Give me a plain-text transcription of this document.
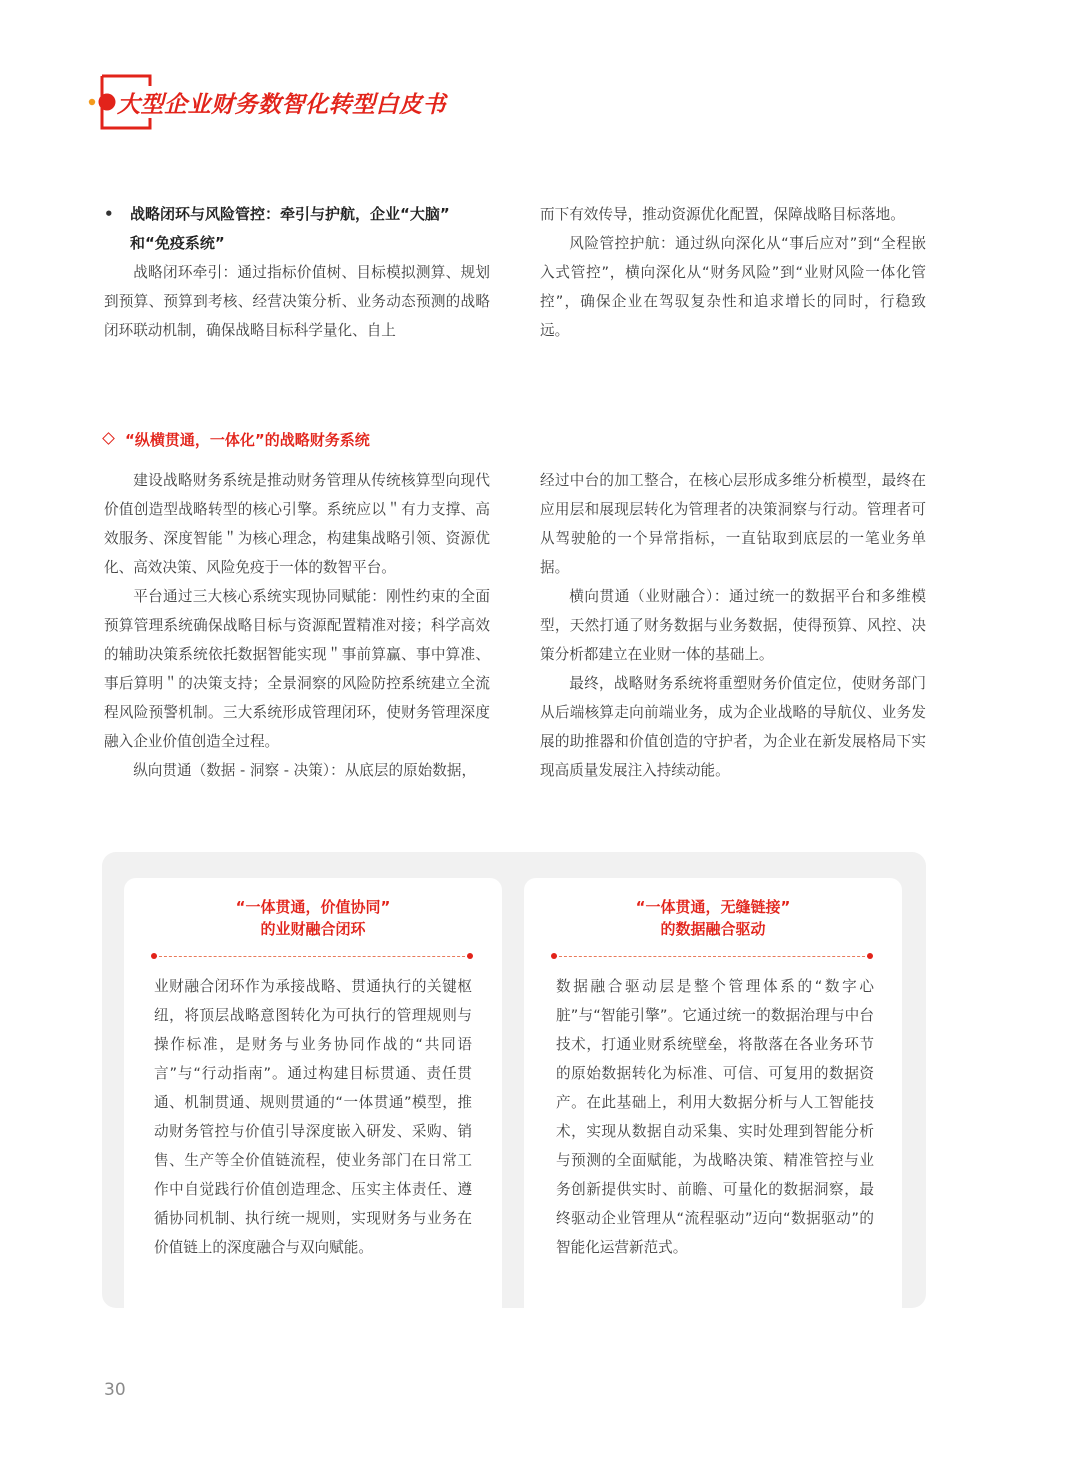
大型企业财务数智化转型白皮书
• 战略闭环与风险管控：牵引与护航，企业“大脑”
和“免疫系统”

战略闭环牵引：通过指标价值树、目标模拟测算、规划到预算、预算到考核、经营决策分析、业务动态预测的战略闭环联动机制，确保战略目标科学量化、自上

而下有效传导，推动资源优化配置，保障战略目标落地。

风险管控护航：通过纵向深化从“事后应对”到“全程嵌入式管控”，横向深化从“财务风险”到“业财风险一体化管控”，确保企业在驾驭复杂性和追求增长的同时，行稳致远。

“纵横贯通，一体化”的战略财务系统

建设战略财务系统是推动财务管理从传统核算型向现代价值创造型战略转型的核心引擎。系统应以＂有力支撑、高效服务、深度智能＂为核心理念，构建集战略引领、资源优化、高效决策、风险免疫于一体的数智平台。

平台通过三大核心系统实现协同赋能：刚性约束的全面预算管理系统确保战略目标与资源配置精准对接；科学高效的辅助决策系统依托数据智能实现＂事前算赢、事中算准、事后算明＂的决策支持；全景洞察的风险防控系统建立全流程风险预警机制。三大系统形成管理闭环，使财务管理深度融入企业价值创造全过程。

纵向贯通（数据 - 洞察 - 决策）：从底层的原始数据，

经过中台的加工整合，在核心层形成多维分析模型，最终在应用层和展现层转化为管理者的决策洞察与行动。管理者可从驾驶舱的一个异常指标，一直钻取到底层的一笔业务单据。

横向贯通（业财融合）：通过统一的数据平台和多维模型，天然打通了财务数据与业务数据，使得预算、风控、决策分析都建立在业财一体的基础上。

最终，战略财务系统将重塑财务价值定位，使财务部门从后端核算走向前端业务，成为企业战略的导航仪、业务发展的助推器和价值创造的守护者，为企业在新发展格局下实现高质量发展注入持续动能。

“一体贯通，价值协同”
的业财融合闭环
业财融合闭环作为承接战略、贯通执行的关键枢纽，将顶层战略意图转化为可执行的管理规则与操作标准，是财务与业务协同作战的“共同语言”与“行动指南”。通过构建目标贯通、责任贯通、机制贯通、规则贯通的“一体贯通”模型，推动财务管控与价值引导深度嵌入研发、采购、销售、生产等全价值链流程，使业务部门在日常工作中自觉践行价值创造理念、压实主体责任、遵循协同机制、执行统一规则，实现财务与业务在价值链上的深度融合与双向赋能。
“一体贯通，无缝链接”
的数据融合驱动
数据融合驱动层是整个管理体系的“数字心脏”与“智能引擎”。它通过统一的数据治理与中台技术，打通业财系统壁垒，将散落在各业务环节的原始数据转化为标准、可信、可复用的数据资产。在此基础上，利用大数据分析与人工智能技术，实现从数据自动采集、实时处理到智能分析与预测的全面赋能，为战略决策、精准管控与业务创新提供实时、前瞻、可量化的数据洞察，最终驱动企业管理从“流程驱动”迈向“数据驱动”的智能化运营新范式。
30
